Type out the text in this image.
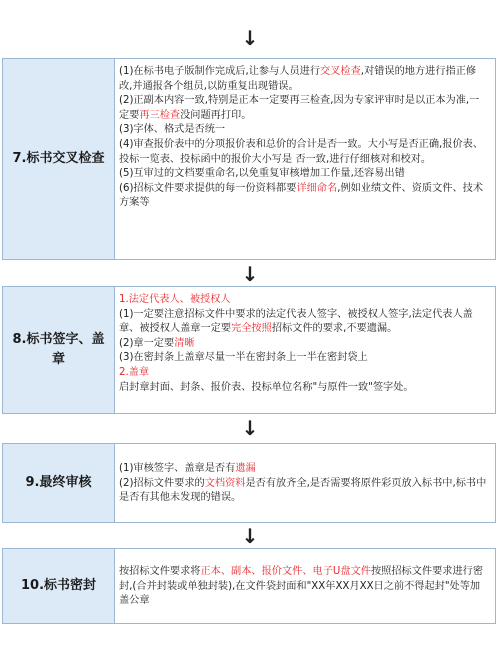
↓
7.标书交叉检查
(1)在标书电子版制作完成后,让参与人员进行交叉检查,对错误的地方进行指正修改,并通报各个组员,以防重复出现错误。
(2)正副本内容一致,特别是正本一定要再三检查,因为专家评审时是以正本为准,一定要再三检查没问题再打印。
(3)字体、格式是否统一
(4)审查报价表中的分项报价表和总价的合计是否一致。大小写是否正确,报价表、投标一览表、投标函中的报价大小写是 否一致,进行仔细核对和校对。
(5)互审过的文档要重命名,以免重复审核增加工作量,还容易出错
(6)招标文件要求提供的每一份资料都要详细命名,例如业绩文件、资质文件、技术方案等
↓
8.标书签字、盖章
1.法定代表人、被授权人
(1)一定要注意招标文件中要求的法定代表人签字、被授权人签字,法定代表人盖章、被授权人盖章一定要完全按照招标文件的要求,不要遗漏。
(2)章一定要清晰
(3)在密封条上盖章尽量一半在密封条上一半在密封袋上
2.盖章
启封章封面、封条、报价表、投标单位名称"与原件一致"签字处。
↓
9.最终审核
(1)审核签字、盖章是否有遗漏
(2)招标文件要求的文档资料是否有放齐全,是否需要将原件彩页放入标书中,标书中是否有其他未发现的错误。
↓
10.标书密封
按招标文件要求将正本、副本、报价文件、电子U盘文件按照招标文件要求进行密封,(合并封装或单独封装),在文件袋封面和"XX年XX月XX日之前不得起封"处等加盖公章
